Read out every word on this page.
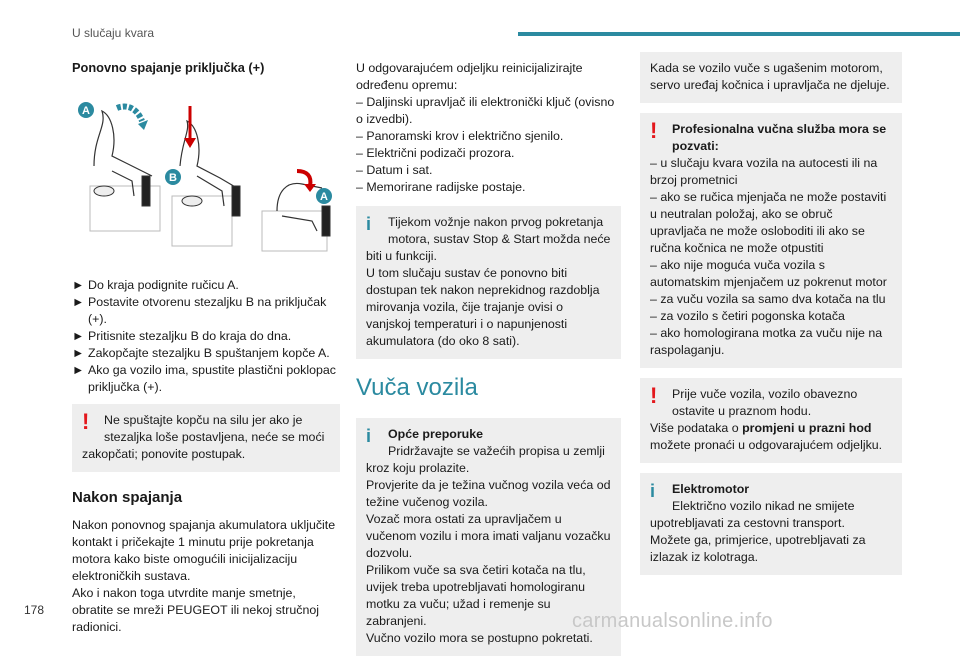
U slučaju kvara
Ponovno spajanje priključka (+)
A
B
A
► Do kraja podignite ručicu A.
► Postavite otvorenu stezaljku B na priključak (+).
► Pritisnite stezaljku B do kraja do dna.
► Zakopčajte stezaljku B spuštanjem kopče A.
► Ako ga vozilo ima, spustite plastični poklopac priključka (+).
!	Ne spuštajte kopču na silu jer ako je stezaljka loše postavljena, neće se moći

zakopčati; ponovite postupak.

Nakon spajanja

Nakon ponovnog spajanja akumulatora uključite kontakt i pričekajte 1 minutu prije pokretanja motora kako biste omogućili inicijalizaciju elektroničkih sustava.

Ako i nakon toga utvrdite manje smetnje, obratite se mreži PEUGEOT ili nekoj stručnoj radionici.

U odgovarajućem odjeljku reinicijalizirajte određenu opremu:

– Daljinski upravljač ili elektronički ključ (ovisno o izvedbi).

– Panoramski krov i električno sjenilo.

– Električni podizači prozora.

– Datum i sat.

– Memorirane radijske postaje.

i	Tijekom vožnje nakon prvog pokretanja motora, sustav Stop & Start možda neće

biti u funkciji.

U tom slučaju sustav će ponovno biti dostupan tek nakon neprekidnog razdoblja mirovanja vozila, čije trajanje ovisi o vanjskoj temperaturi i o napunjenosti akumulatora (do oko 8 sati).

Vuča vozila
i	Opće preporuke
Pridržavajte se važećih propisa u zemlji

kroz koju prolazite.

Provjerite da je težina vučnog vozila veća od težine vučenog vozila.

Vozač mora ostati za upravljačem u vučenom vozilu i mora imati valjanu vozačku dozvolu.

Prilikom vuče sa sva četiri kotača na tlu, uvijek treba upotrebljavati homologiranu motku za vuču; užad i remenje su zabranjeni.

Vučno vozilo mora se postupno pokretati.

Kada se vozilo vuče s ugašenim motorom, servo uređaj kočnica i upravljača ne djeluje.

!	Profesionalna vučna služba mora se pozvati:

– u slučaju kvara vozila na autocesti ili na brzoj prometnici

– ako se ručica mjenjača ne može postaviti u neutralan položaj, ako se obruč upravljača ne može osloboditi ili ako se ručna kočnica ne može otpustiti

– ako nije moguća vuča vozila s automatskim mjenjačem uz pokrenut motor

– za vuču vozila sa samo dva kotača na tlu

– za vozilo s četiri pogonska kotača

– ako homologirana motka za vuču nije na raspolaganju.

!	Prije vuče vozila, vozilo obavezno ostavite u praznom hodu.

Više podataka o promjeni u prazni hod možete pronaći u odgovarajućem odjeljku.

i	Elektromotor
Električno vozilo nikad ne smijete

upotrebljavati za cestovni transport.

Možete ga, primjerice, upotrebljavati za izlazak iz kolotraga.

178	carmanualsonline.info
